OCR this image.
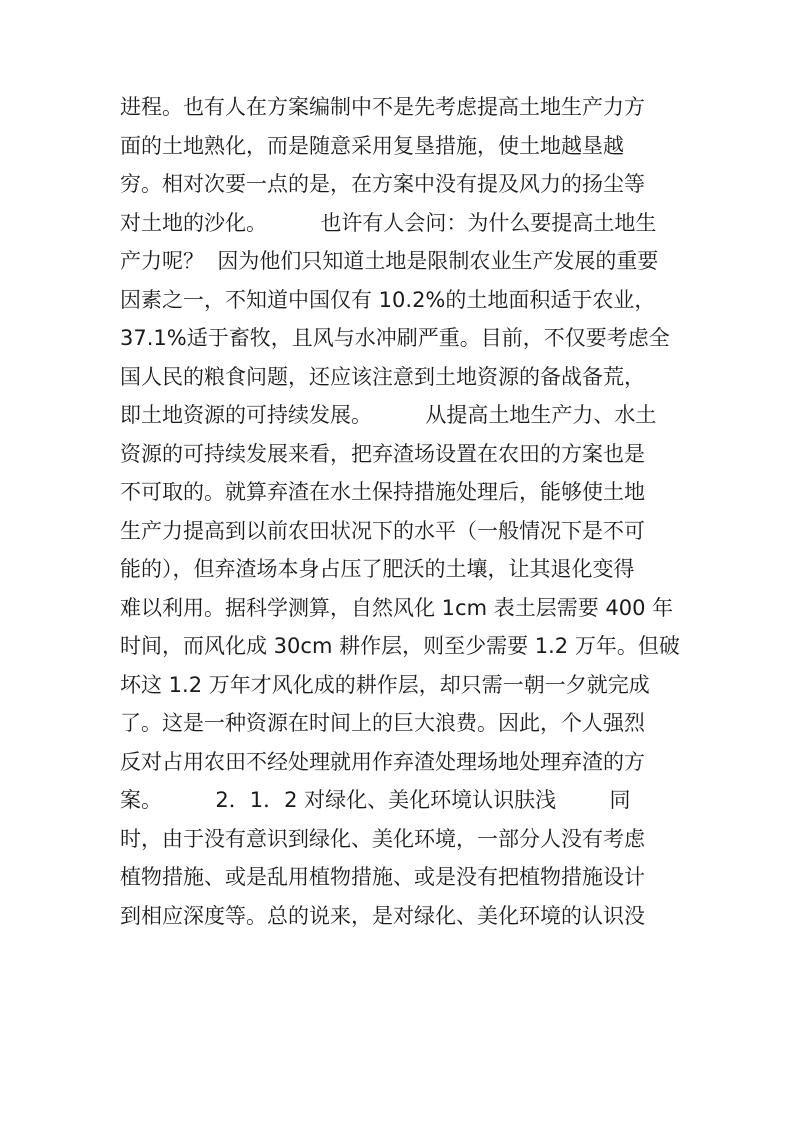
进程。也有人在方案编制中不是先考虑提高土地生产力方
面的土地熟化，而是随意采用复垦措施，使土地越垦越
穷。相对次要一点的是，在方案中没有提及风力的扬尘等
对土地的沙化。        也许有人会问：为什么要提高土地生
产力呢？  因为他们只知道土地是限制农业生产发展的重要
因素之一，不知道中国仅有 10.2%的土地面积适于农业，
37.1%适于畜牧，且风与水冲刷严重。目前，不仅要考虑全
国人民的粮食问题，还应该注意到土地资源的备战备荒，
即土地资源的可持续发展。        从提高土地生产力、水土
资源的可持续发展来看，把弃渣场设置在农田的方案也是
不可取的。就算弃渣在水土保持措施处理后，能够使土地
生产力提高到以前农田状况下的水平（一般情况下是不可
能的），但弃渣场本身占压了肥沃的土壤，让其退化变得
难以利用。据科学测算，自然风化 1cm 表土层需要 400 年
时间，而风化成 30cm 耕作层，则至少需要 1.2 万年。但破
坏这 1.2 万年才风化成的耕作层，却只需一朝一夕就完成
了。这是一种资源在时间上的巨大浪费。因此，个人强烈
反对占用农田不经处理就用作弃渣处理场地处理弃渣的方
案。        2．1．2 对绿化、美化环境认识肤浅        同
时，由于没有意识到绿化、美化环境，一部分人没有考虑
植物措施、或是乱用植物措施、或是没有把植物措施设计
到相应深度等。总的说来，是对绿化、美化环境的认识没
